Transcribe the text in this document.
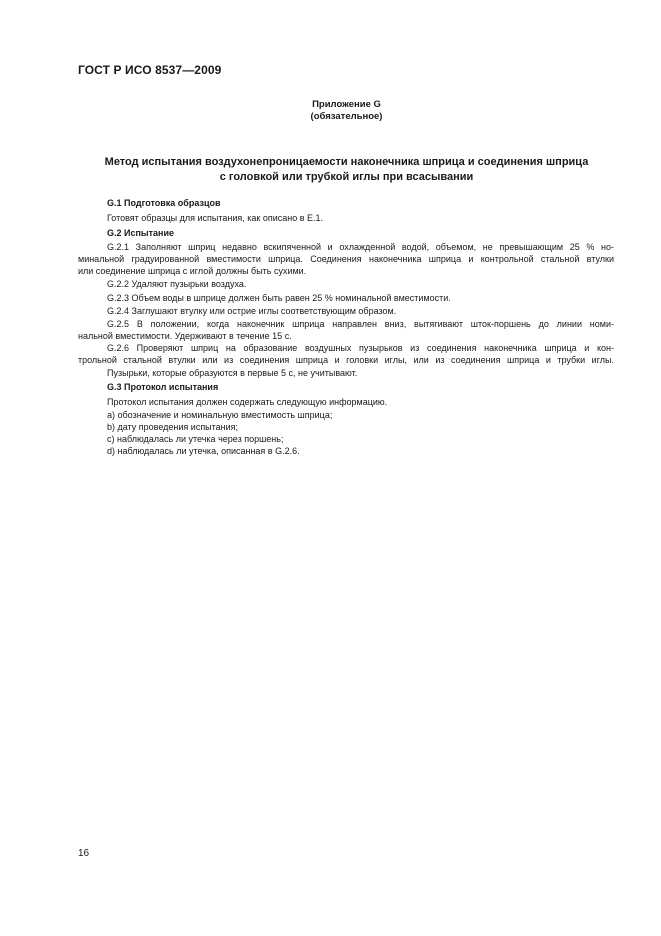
ГОСТ Р ИСО 8537—2009
Приложение G
(обязательное)
Метод испытания воздухонепроницаемости наконечника шприца и соединения шприца
с головкой или трубкой иглы при всасывании
G.1 Подготовка образцов
Готовят образцы для испытания, как описано в Е.1.
G.2 Испытание
G.2.1 Заполняют шприц недавно вскипяченной и охлажденной водой, объемом, не превышающим 25 % но-
минальной градуированной вместимости шприца. Соединения наконечника шприца и контрольной стальной втулки
или соединение шприца с иглой должны быть сухими.
G.2.2 Удаляют пузырьки воздуха.
G.2.3 Объем воды в шприце должен быть равен 25 % номинальной вместимости.
G.2.4 Заглушают втулку или острие иглы соответствующим образом.
G.2.5 В положении, когда наконечник шприца направлен вниз, вытягивают шток-поршень до линии номи-
нальной вместимости. Удерживают в течение 15 с.
G.2.6 Проверяют шприц на образование воздушных пузырьков из соединения наконечника шприца и кон-
трольной стальной втулки или из соединения шприца и головки иглы, или из соединения шприца и трубки иглы.
Пузырьки, которые образуются в первые 5 с, не учитывают.
G.3 Протокол испытания
Протокол испытания должен содержать следующую информацию.
a) обозначение и номинальную вместимость шприца;
b) дату проведения испытания;
c) наблюдалась ли утечка через поршень;
d) наблюдалась ли утечка, описанная в G.2.6.
16
